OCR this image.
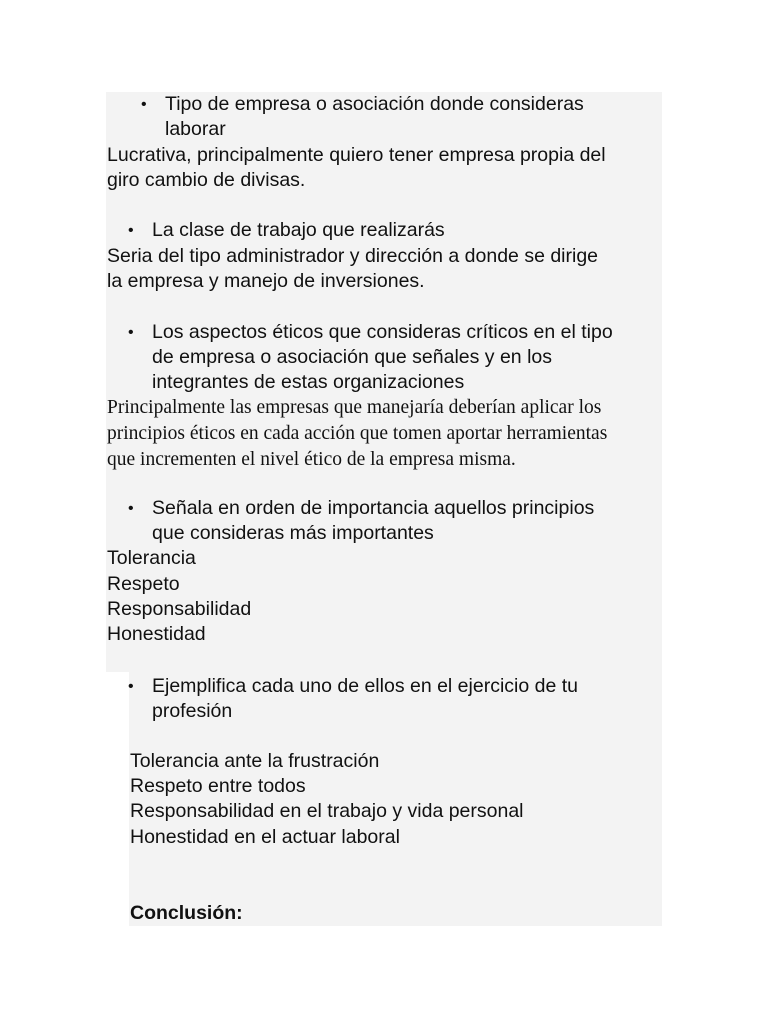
• Tipo de empresa o asociación donde consideras
laborar
Lucrativa, principalmente quiero tener empresa propia del
giro cambio de divisas.
• La clase de trabajo que realizarás
Seria del tipo administrador y dirección a donde se dirige
la empresa y manejo de inversiones.
• Los aspectos éticos que consideras críticos en el tipo
de empresa o asociación que señales y en los
integrantes de estas organizaciones
Principalmente las empresas que manejaría deberían aplicar los
principios éticos en cada acción que tomen aportar herramientas
que incrementen el nivel ético de la empresa misma.
• Señala en orden de importancia aquellos principios
que consideras más importantes
Tolerancia
Respeto
Responsabilidad
Honestidad
• Ejemplifica cada uno de ellos en el ejercicio de tu
profesión
Tolerancia ante la frustración
Respeto entre todos
Responsabilidad en el trabajo y vida personal
Honestidad en el actuar laboral
Conclusión:
